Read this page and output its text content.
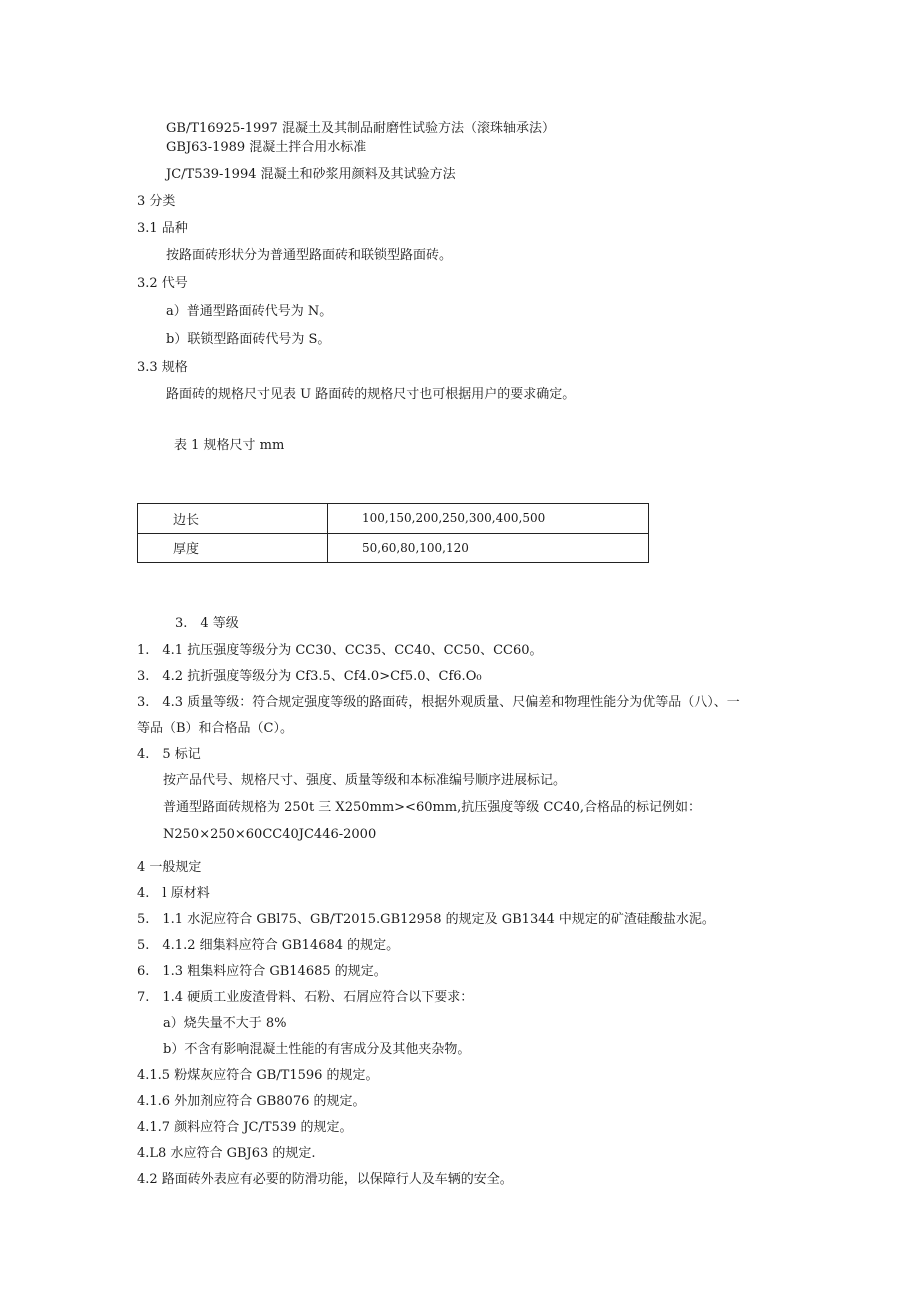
GB/T16925-1997 混凝土及其制品耐磨性试验方法（滚珠轴承法）
GBJ63-1989 混凝土拌合用水标准
JC/T539-1994 混凝土和砂浆用颜料及其试验方法
3 分类
3.1 品种
按路面砖形状分为普通型路面砖和联锁型路面砖。
3.2 代号
a）普通型路面砖代号为 N。
b）联锁型路面砖代号为 S。
3.3 规格
路面砖的规格尺寸见表 U 路面砖的规格尺寸也可根据用户的要求确定。
表 1 规格尺寸 mm
边长	100,150,200,250,300,400,500
厚度	50,60,80,100,120
3.　4 等级
1.　4.1 抗压强度等级分为 CC30、CC35、CC40、CC50、CC60。
3.　4.2 抗折强度等级分为 Cf3.5、Cf4.0>Cf5.0、Cf6.O₀
3.　4.3 质量等级：符合规定强度等级的路面砖，根据外观质量、尺偏差和物理性能分为优等品（八）、一
等品（B）和合格品（C）。
4.　5 标记
按产品代号、规格尺寸、强度、质量等级和本标准编号顺序进展标记。
普通型路面砖规格为 250t 三 X250mm><60mm,抗压强度等级 CC40,合格品的标记例如：
N250×250×60CC40JC446-2000
4 一般规定
4.　l 原材料
5.　1.1 水泥应符合 GBl75、GB/T2015.GB12958 的规定及 GB1344 中规定的矿渣硅酸盐水泥。
5.　4.1.2 细集料应符合 GB14684 的规定。
6.　1.3 粗集料应符合 GB14685 的规定。
7.　1.4 硬质工业废渣骨料、石粉、石屑应符合以下要求：
a）烧失量不大于 8%
b）不含有影响混凝土性能的有害成分及其他夹杂物。
4.1.5 粉煤灰应符合 GB/T1596 的规定。
4.1.6 外加剂应符合 GB8076 的规定。
4.1.7 颜料应符合 JC/T539 的规定。
4.L8 水应符合 GBJ63 的规定.
4.2 路面砖外表应有必要的防滑功能，以保障行人及车辆的安全。
